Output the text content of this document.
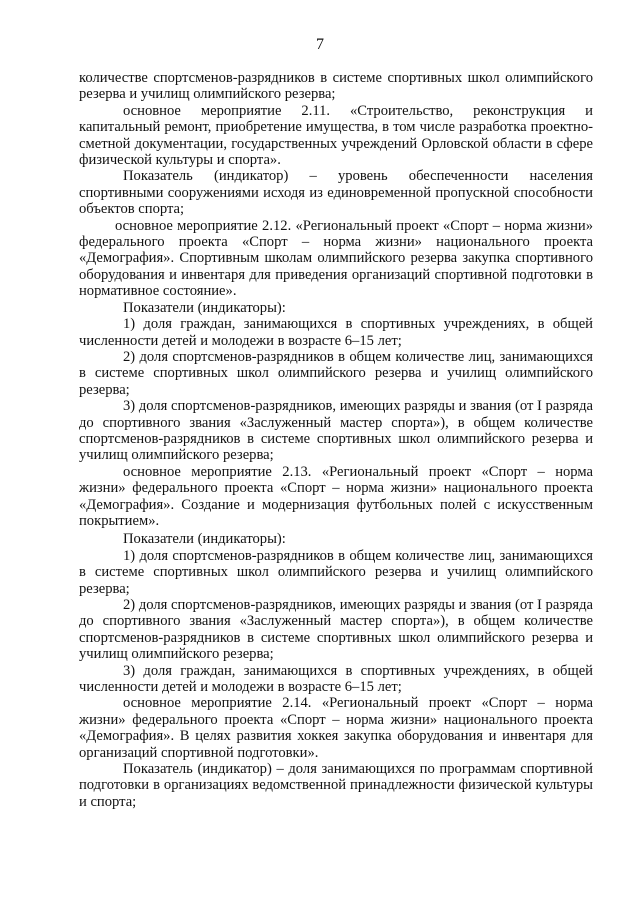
7

количестве спортсменов-разрядников в системе спортивных школ олимпийского резерва и училищ олимпийского резерва;

основное мероприятие 2.11. «Строительство, реконструкция и капитальный ремонт, приобретение имущества, в том числе разработка проектно-сметной документации, государственных учреждений Орловской области в сфере физической культуры и спорта».

Показатель (индикатор) – уровень обеспеченности населения спортивными сооружениями исходя из единовременной пропускной способности объектов спорта;

основное мероприятие 2.12. «Региональный проект «Спорт – норма жизни» федерального проекта «Спорт – норма жизни» национального проекта «Демография». Спортивным школам олимпийского резерва закупка спортивного оборудования и инвентаря для приведения организаций спортивной подготовки в нормативное состояние».

Показатели (индикаторы):

1) доля граждан, занимающихся в спортивных учреждениях, в общей численности детей и молодежи в возрасте 6–15 лет;

2) доля спортсменов-разрядников в общем количестве лиц, занимающихся в системе спортивных школ олимпийского резерва и училищ олимпийского резерва;

3) доля спортсменов-разрядников, имеющих разряды и звания (от I разряда до спортивного звания «Заслуженный мастер спорта»), в общем количестве спортсменов-разрядников в системе спортивных школ олимпийского резерва и училищ олимпийского резерва;

основное мероприятие 2.13. «Региональный проект «Спорт – норма жизни» федерального проекта «Спорт – норма жизни» национального проекта «Демография». Создание и модернизация футбольных полей с искусственным покрытием».

Показатели (индикаторы):

1) доля спортсменов-разрядников в общем количестве лиц, занимающихся в системе спортивных школ олимпийского резерва и училищ олимпийского резерва;

2) доля спортсменов-разрядников, имеющих разряды и звания (от I разряда до спортивного звания «Заслуженный мастер спорта»), в общем количестве спортсменов-разрядников в системе спортивных школ олимпийского резерва и училищ олимпийского резерва;

3) доля граждан, занимающихся в спортивных учреждениях, в общей численности детей и молодежи в возрасте 6–15 лет;

основное мероприятие 2.14. «Региональный проект «Спорт – норма жизни» федерального проекта «Спорт – норма жизни» национального проекта «Демография». В целях развития хоккея закупка оборудования и инвентаря для организаций спортивной подготовки».

Показатель (индикатор) – доля занимающихся по программам спортивной подготовки в организациях ведомственной принадлежности физической культуры и спорта;
